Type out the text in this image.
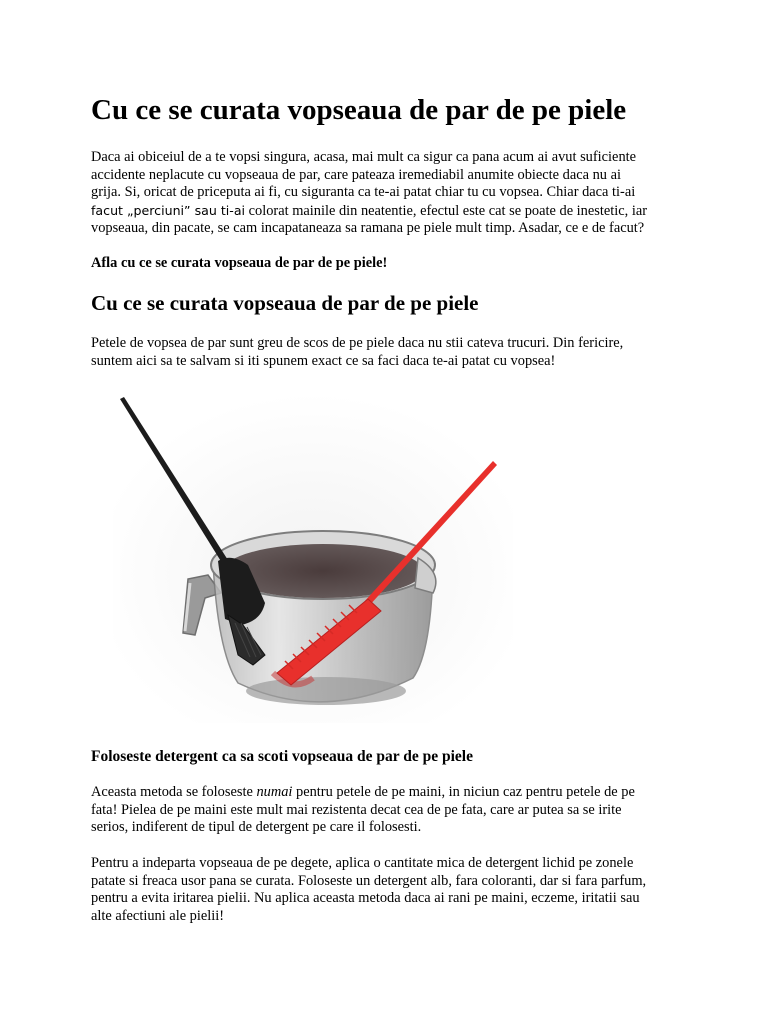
Cu ce se curata vopseaua de par de pe piele
Daca ai obiceiul de a te vopsi singura, acasa, mai mult ca sigur ca pana acum ai avut suficiente
accidente neplacute cu vopseaua de par, care pateaza iremediabil anumite obiecte daca nu ai
grija. Si, oricat de priceputa ai fi, cu siguranta ca te-ai patat chiar tu cu vopsea. Chiar daca ti-ai
facut „perciuni” sau ti-ai colorat mainile din neatentie, efectul este cat se poate de inestetic, iar
vopseaua, din pacate, se cam incapataneaza sa ramana pe piele mult timp. Asadar, ce e de facut?

Afla cu ce se curata vopseaua de par de pe piele!

Cu ce se curata vopseaua de par de pe piele
Petele de vopsea de par sunt greu de scos de pe piele daca nu stii cateva trucuri. Din fericire,
suntem aici sa te salvam si iti spunem exact ce sa faci daca te-ai patat cu vopsea!

Foloseste detergent ca sa scoti vopseaua de par de pe piele

Aceasta metoda se foloseste numai pentru petele de pe maini, in niciun caz pentru petele de pe
fata! Pielea de pe maini este mult mai rezistenta decat cea de pe fata, care ar putea sa se irite
serios, indiferent de tipul de detergent pe care il folosesti.
Pentru a indeparta vopseaua de pe degete, aplica o cantitate mica de detergent lichid pe zonele
patate si freaca usor pana se curata. Foloseste un detergent alb, fara coloranti, dar si fara parfum,
pentru a evita iritarea pielii. Nu aplica aceasta metoda daca ai rani pe maini, eczeme, iritatii sau
alte afectiuni ale pielii!
